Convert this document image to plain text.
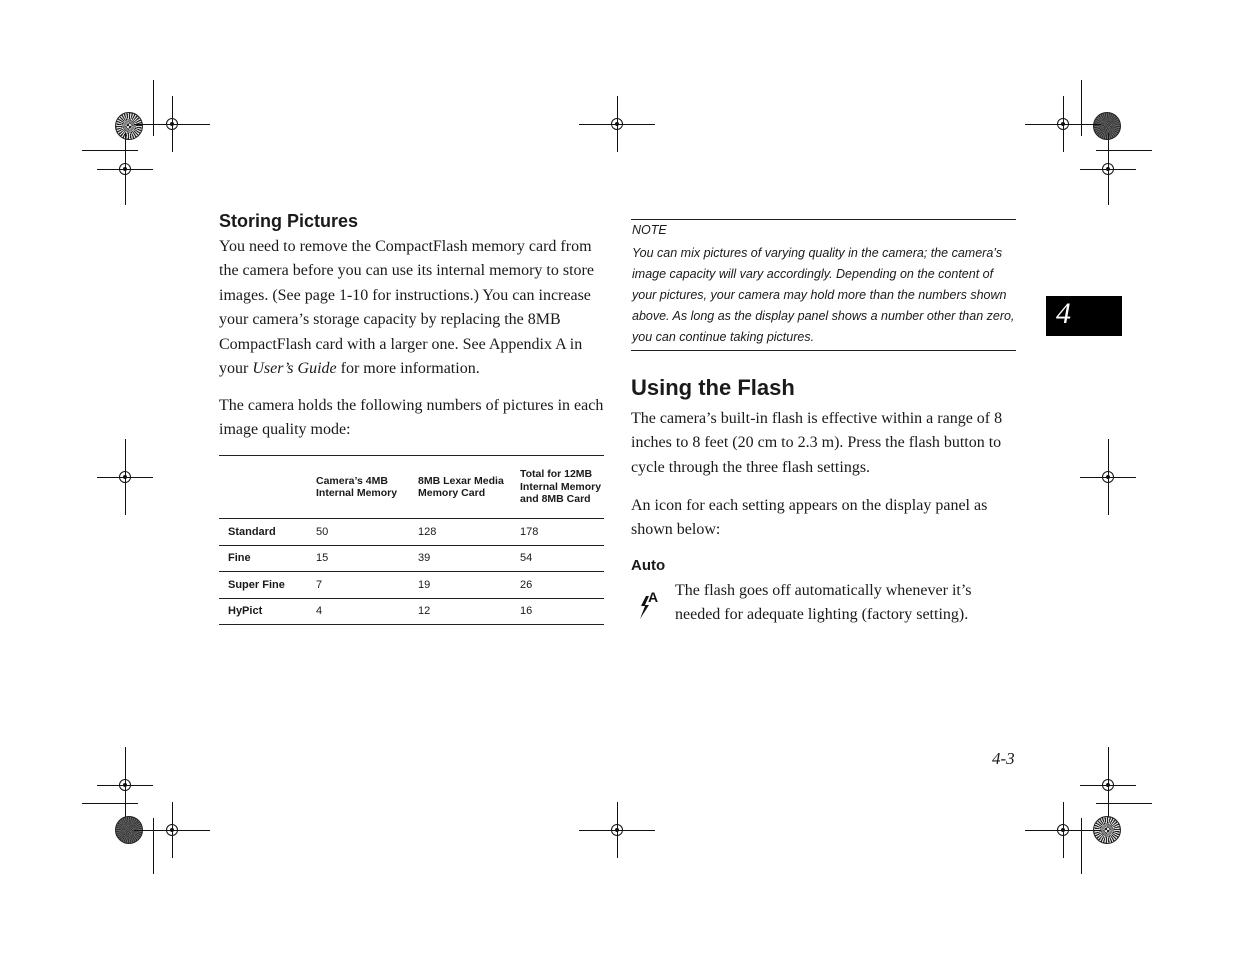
Storing Pictures
You need to remove the CompactFlash memory card from the camera before you can use its internal memory to store images. (See page 1-10 for instructions.) You can increase your camera’s storage capacity by replacing the 8MB CompactFlash card with a larger one. See Appendix A in your User’s Guide for more information.
The camera holds the following numbers of pictures in each image quality mode:
	Camera’s 4MB Internal Memory	8MB Lexar Media Memory Card	Total for 12MB Internal Memory and 8MB Card
Standard	50	128	178
Fine	15	39	54
Super Fine	7	19	26
HyPict	4	12	16
NOTE
You can mix pictures of varying quality in the camera; the camera’s image capacity will vary accordingly. Depending on the content of your pictures, your camera may hold more than the numbers shown above. As long as the display panel shows a number other than zero, you can continue taking pictures.
Using the Flash
The camera’s built-in flash is effective within a range of 8 inches to 8 feet (20 cm to 2.3 m). Press the flash button to cycle through the three flash settings.
An icon for each setting appears on the display panel as shown below:
Auto
A The flash goes off automatically whenever it’s needed for adequate lighting (factory setting).
4
4-3
